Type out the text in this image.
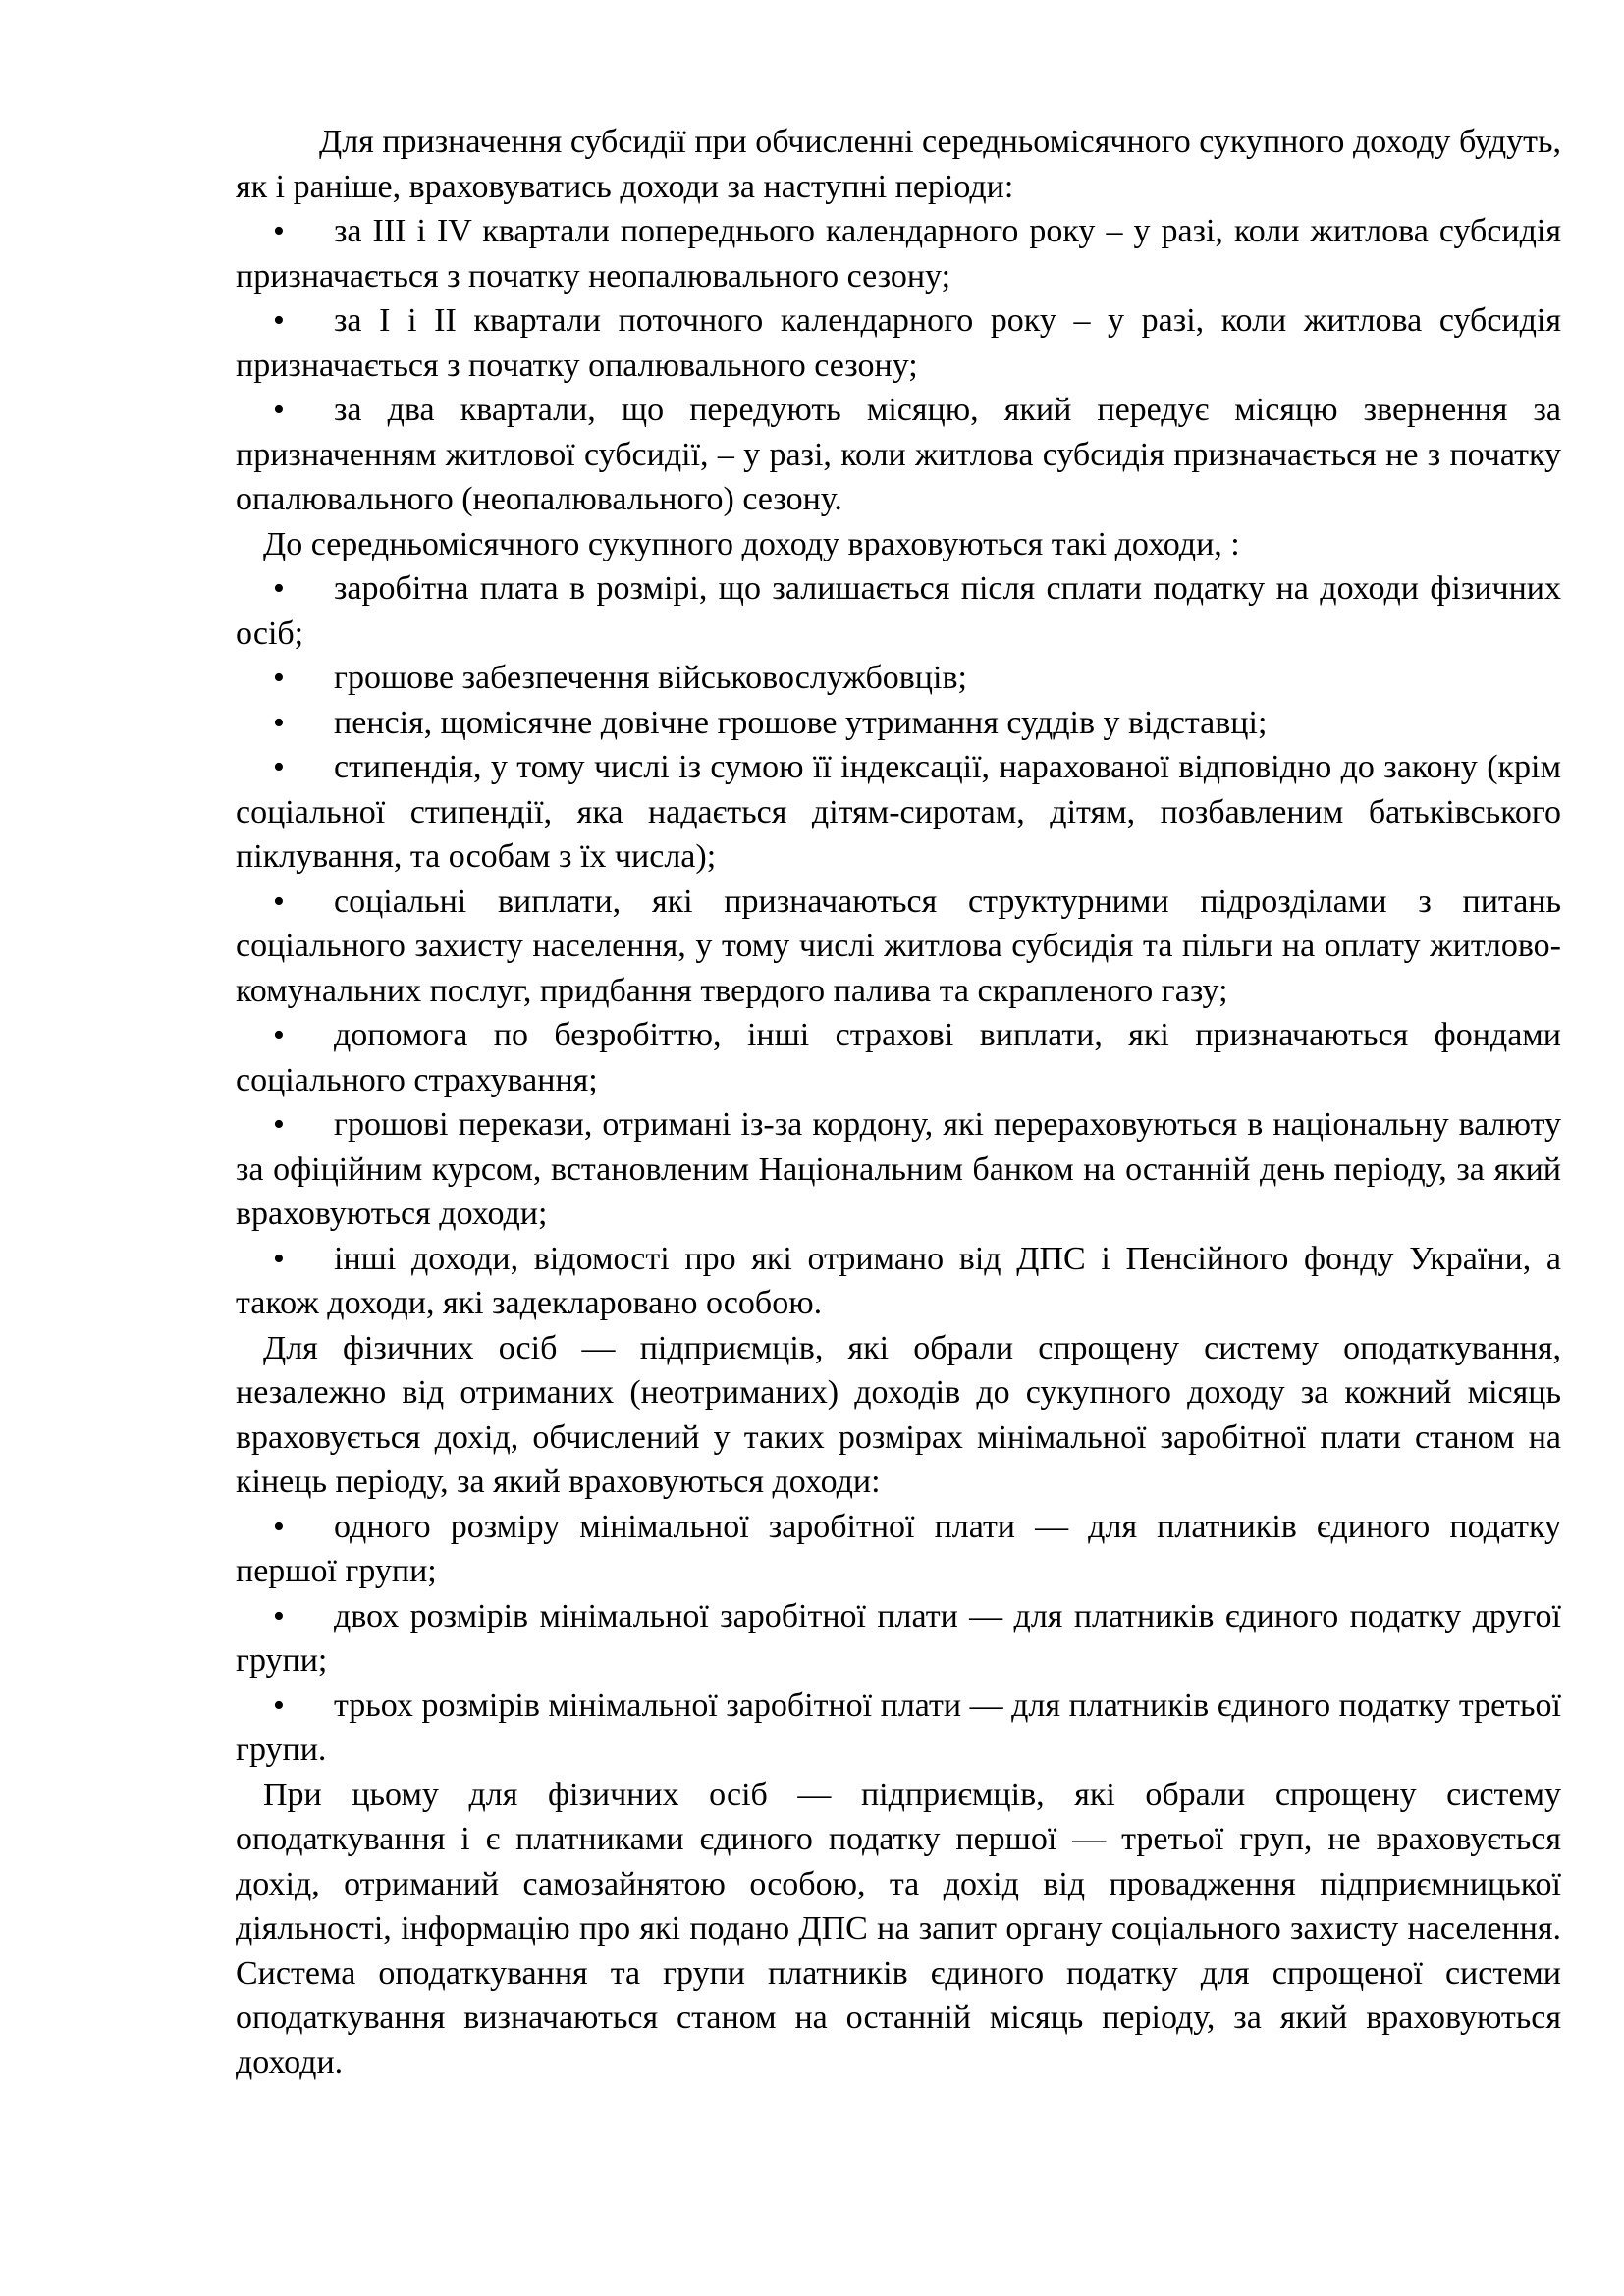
Для призначення субсидії при обчисленні середньомісячного сукупного доходу будуть, як і раніше, враховуватись доходи за наступні періоди:

• за III і IV квартали попереднього календарного року – у разі, коли житлова субсидія призначається з початку неопалювального сезону;

• за I і II квартали поточного календарного року – у разі, коли житлова субсидія призначається з початку опалювального сезону;

• за два квартали, що передують місяцю, який передує місяцю звернення за призначенням житлової субсидії, – у разі, коли житлова субсидія призначається не з початку опалювального (неопалювального) сезону.

До середньомісячного сукупного доходу враховуються такі доходи, :

• заробітна плата в розмірі, що залишається після сплати податку на доходи фізичних осіб;

• грошове забезпечення військовослужбовців;

• пенсія, щомісячне довічне грошове утримання суддів у відставці;

• стипендія, у тому числі із сумою її індексації, нарахованої відповідно до закону (крім соціальної стипендії, яка надається дітям-сиротам, дітям, позбавленим батьківського піклування, та особам з їх числа);

• соціальні виплати, які призначаються структурними підрозділами з питань соціального захисту населення, у тому числі житлова субсидія та пільги на оплату житлово-комунальних послуг, придбання твердого палива та скрапленого газу;

• допомога по безробіттю, інші страхові виплати, які призначаються фондами соціального страхування;

• грошові перекази, отримані із-за кордону, які перераховуються в національну валюту за офіційним курсом, встановленим Національним банком на останній день періоду, за який враховуються доходи;

• інші доходи, відомості про які отримано від ДПС і Пенсійного фонду України, а також доходи, які задекларовано особою.

Для фізичних осіб — підприємців, які обрали спрощену систему оподаткування, незалежно від отриманих (неотриманих) доходів до сукупного доходу за кожний місяць враховується дохід, обчислений у таких розмірах мінімальної заробітної плати станом на кінець періоду, за який враховуються доходи:

• одного розміру мінімальної заробітної плати — для платників єдиного податку першої групи;

• двох розмірів мінімальної заробітної плати — для платників єдиного податку другої групи;

• трьох розмірів мінімальної заробітної плати — для платників єдиного податку третьої групи.

При цьому для фізичних осіб — підприємців, які обрали спрощену систему оподаткування і є платниками єдиного податку першої — третьої груп, не враховується дохід, отриманий самозайнятою особою, та дохід від провадження підприємницької діяльності, інформацію про які подано ДПС на запит органу соціального захисту населення. Система оподаткування та групи платників єдиного податку для спрощеної системи оподаткування визначаються станом на останній місяць періоду, за який враховуються доходи.
